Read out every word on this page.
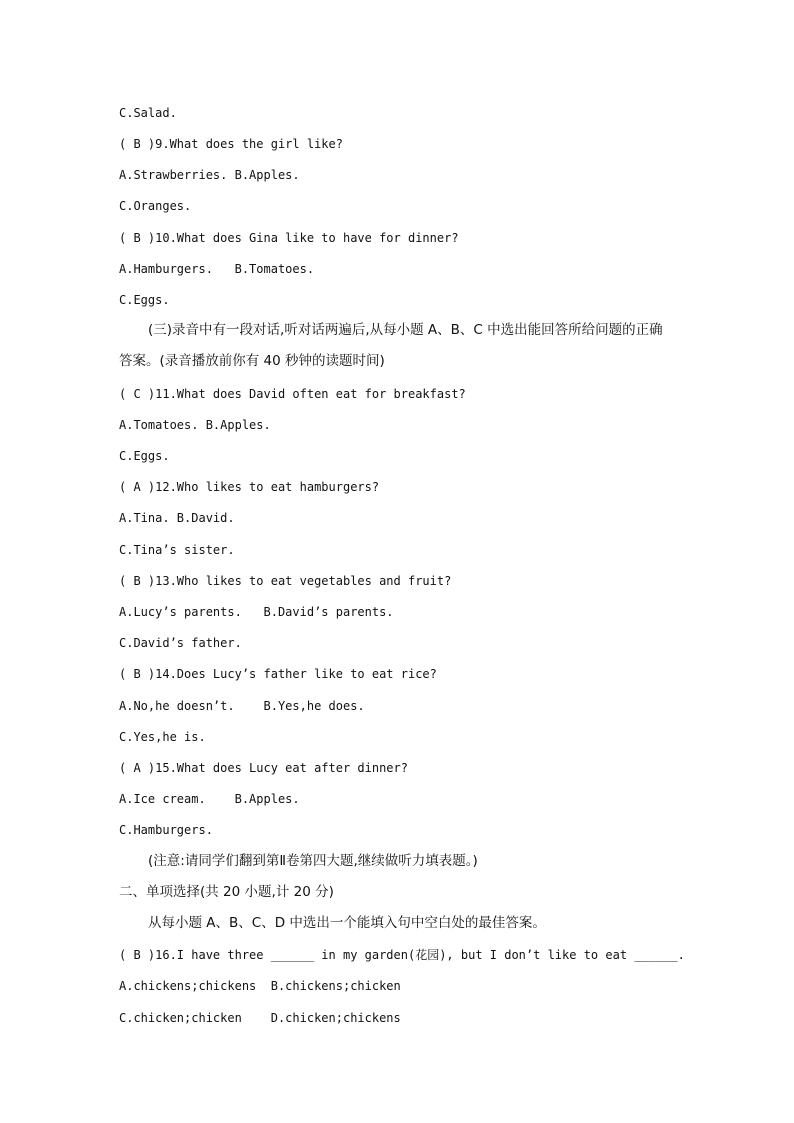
C.Salad.
( B )9.What does the girl like?
A.Strawberries. B.Apples.
C.Oranges.
( B )10.What does Gina like to have for dinner?
A.Hamburgers.   B.Tomatoes.
C.Eggs.
(三)录音中有一段对话,听对话两遍后,从每小题 A、B、C 中选出能回答所给问题的正确
答案。(录音播放前你有 40 秒钟的读题时间)
( C )11.What does David often eat for breakfast?
A.Tomatoes. B.Apples.
C.Eggs.
( A )12.Who likes to eat hamburgers?
A.Tina. B.David.
C.Tina’s sister.
( B )13.Who likes to eat vegetables and fruit?
A.Lucy’s parents.   B.David’s parents.
C.David’s father.
( B )14.Does Lucy’s father like to eat rice?
A.No,he doesn’t.    B.Yes,he does.
C.Yes,he is.
( A )15.What does Lucy eat after dinner?
A.Ice cream.    B.Apples.
C.Hamburgers.
(注意:请同学们翻到第Ⅱ卷第四大题,继续做听力填表题。)
二、单项选择(共 20 小题,计 20 分)
从每小题 A、B、C、D 中选出一个能填入句中空白处的最佳答案。
( B )16.I have three ______ in my garden(花园), but I don’t like to eat ______.
A.chickens;chickens  B.chickens;chicken
C.chicken;chicken    D.chicken;chickens
